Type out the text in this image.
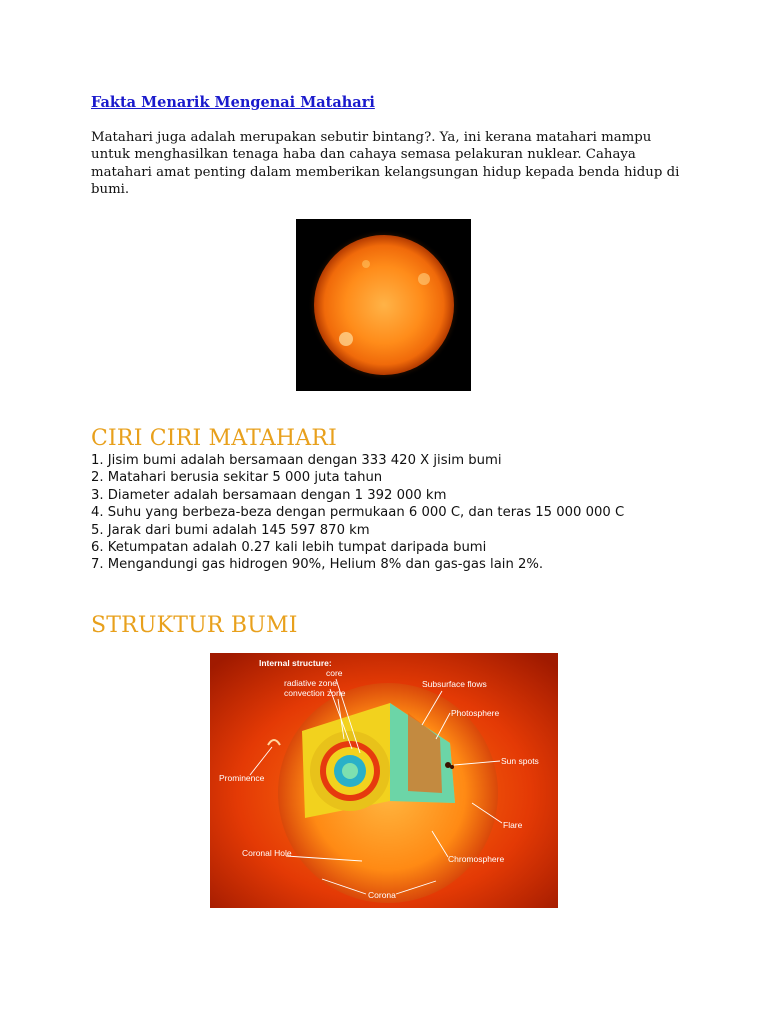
Fakta Menarik Mengenai Matahari
Matahari juga adalah merupakan sebutir bintang?. Ya, ini kerana matahari mampu
untuk menghasilkan tenaga haba dan cahaya semasa pelakuran nuklear. Cahaya
matahari amat penting dalam memberikan kelangsungan hidup kepada benda hidup di
bumi.
CIRI CIRI MATAHARI
1. Jisim bumi adalah bersamaan dengan 333 420 X jisim bumi
2. Matahari berusia sekitar 5 000 juta tahun
3. Diameter adalah bersamaan dengan 1 392 000 km
4. Suhu yang berbeza-beza dengan permukaan 6 000 C, dan teras 15 000 000 C
5. Jarak dari bumi adalah 145 597 870 km
6. Ketumpatan adalah 0.27 kali lebih tumpat daripada bumi
7. Mengandungi gas hidrogen 90%, Helium 8% dan gas-gas lain 2%.
STRUKTUR BUMI
Internal structure:
core
radiative zone
convection zone
Subsurface flows
Photosphere
Sun spots
Prominence
Flare
Coronal Hole
Chromosphere
Corona
